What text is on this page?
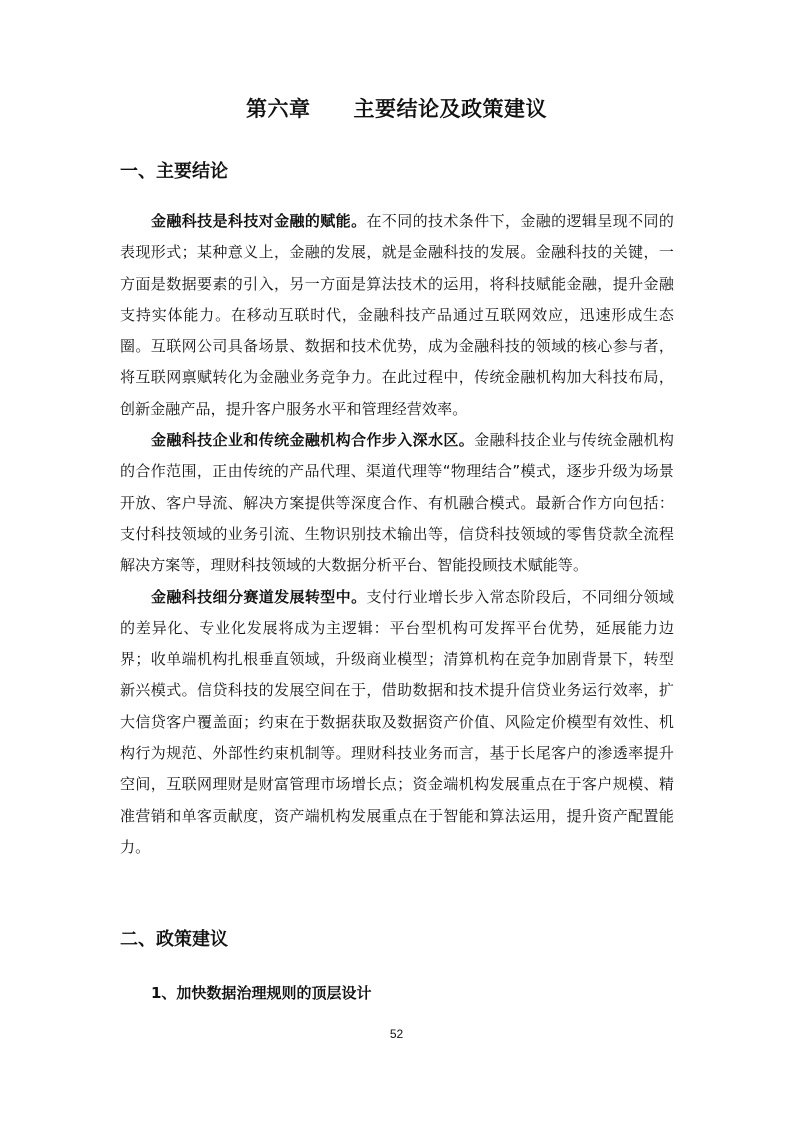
第六章　　主要结论及政策建议
一、主要结论

金融科技是科技对金融的赋能。在不同的技术条件下，金融的逻辑呈现不同的表现形式；某种意义上，金融的发展，就是金融科技的发展。金融科技的关键，一方面是数据要素的引入，另一方面是算法技术的运用，将科技赋能金融，提升金融支持实体能力。在移动互联时代，金融科技产品通过互联网效应，迅速形成生态圈。互联网公司具备场景、数据和技术优势，成为金融科技的领域的核心参与者，将互联网禀赋转化为金融业务竞争力。在此过程中，传统金融机构加大科技布局，创新金融产品，提升客户服务水平和管理经营效率。

金融科技企业和传统金融机构合作步入深水区。金融科技企业与传统金融机构的合作范围，正由传统的产品代理、渠道代理等“物理结合”模式，逐步升级为场景开放、客户导流、解决方案提供等深度合作、有机融合模式。最新合作方向包括：支付科技领域的业务引流、生物识别技术输出等，信贷科技领域的零售贷款全流程解决方案等，理财科技领域的大数据分析平台、智能投顾技术赋能等。

金融科技细分赛道发展转型中。支付行业增长步入常态阶段后，不同细分领域的差异化、专业化发展将成为主逻辑：平台型机构可发挥平台优势，延展能力边界；收单端机构扎根垂直领域，升级商业模型；清算机构在竞争加剧背景下，转型新兴模式。信贷科技的发展空间在于，借助数据和技术提升信贷业务运行效率，扩大信贷客户覆盖面；约束在于数据获取及数据资产价值、风险定价模型有效性、机构行为规范、外部性约束机制等。理财科技业务而言，基于长尾客户的渗透率提升空间，互联网理财是财富管理市场增长点；资金端机构发展重点在于客户规模、精准营销和单客贡献度，资产端机构发展重点在于智能和算法运用，提升资产配置能力。

二、政策建议
1、加快数据治理规则的顶层设计
52
